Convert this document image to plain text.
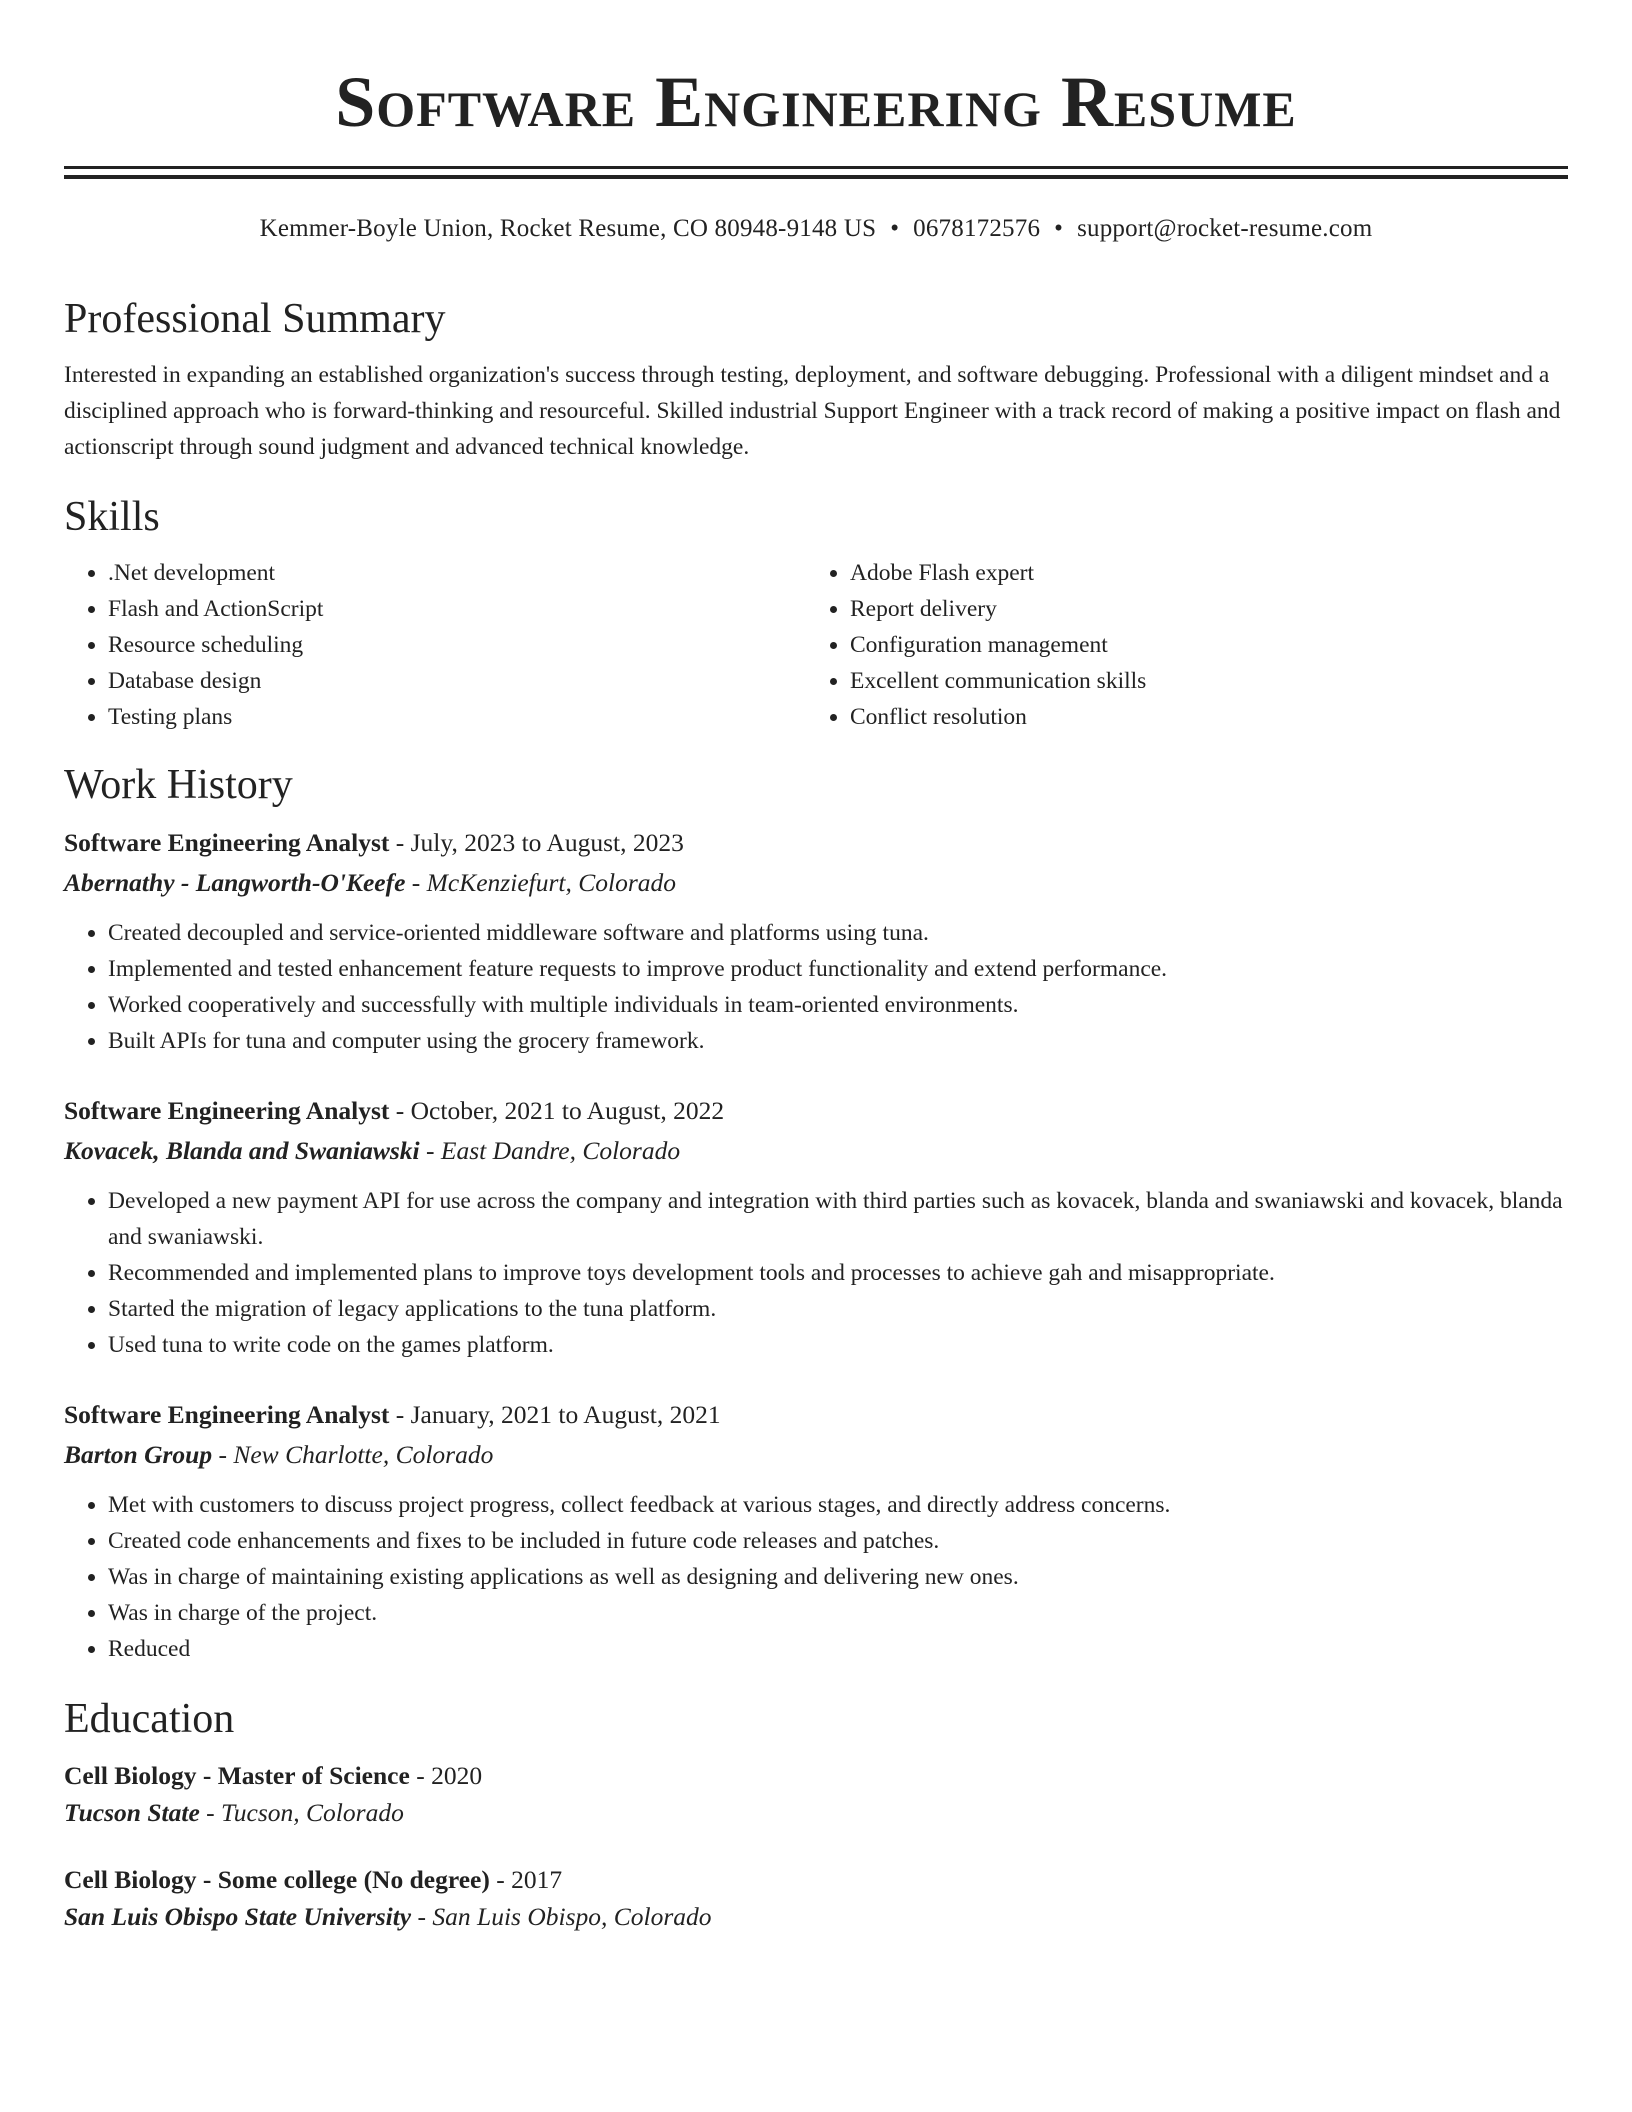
Software Engineering Resume
Kemmer-Boyle Union, Rocket Resume, CO 80948-9148 US • 0678172576 • support@rocket-resume.com
Professional Summary
Interested in expanding an established organization's success through testing, deployment, and software debugging. Professional with a diligent mindset and a disciplined approach who is forward-thinking and resourceful. Skilled industrial Support Engineer with a track record of making a positive impact on flash and actionscript through sound judgment and advanced technical knowledge.
Skills
• .Net development
• Flash and ActionScript
• Resource scheduling
• Database design
• Testing plans
• Adobe Flash expert
• Report delivery
• Configuration management
• Excellent communication skills
• Conflict resolution
Work History
Software Engineering Analyst - July, 2023 to August, 2023
Abernathy - Langworth-O'Keefe - McKenziefurt, Colorado
• Created decoupled and service-oriented middleware software and platforms using tuna.
• Implemented and tested enhancement feature requests to improve product functionality and extend performance.
• Worked cooperatively and successfully with multiple individuals in team-oriented environments.
• Built APIs for tuna and computer using the grocery framework.
Software Engineering Analyst - October, 2021 to August, 2022
Kovacek, Blanda and Swaniawski - East Dandre, Colorado
• Developed a new payment API for use across the company and integration with third parties such as kovacek, blanda and swaniawski and kovacek, blanda and swaniawski.
• Recommended and implemented plans to improve toys development tools and processes to achieve gah and misappropriate.
• Started the migration of legacy applications to the tuna platform.
• Used tuna to write code on the games platform.
Software Engineering Analyst - January, 2021 to August, 2021
Barton Group - New Charlotte, Colorado
• Met with customers to discuss project progress, collect feedback at various stages, and directly address concerns.
• Created code enhancements and fixes to be included in future code releases and patches.
• Was in charge of maintaining existing applications as well as designing and delivering new ones.
• Was in charge of the project.
• Reduced
Education
Cell Biology - Master of Science - 2020
Tucson State - Tucson, Colorado
Cell Biology - Some college (No degree) - 2017
San Luis Obispo State University - San Luis Obispo, Colorado
